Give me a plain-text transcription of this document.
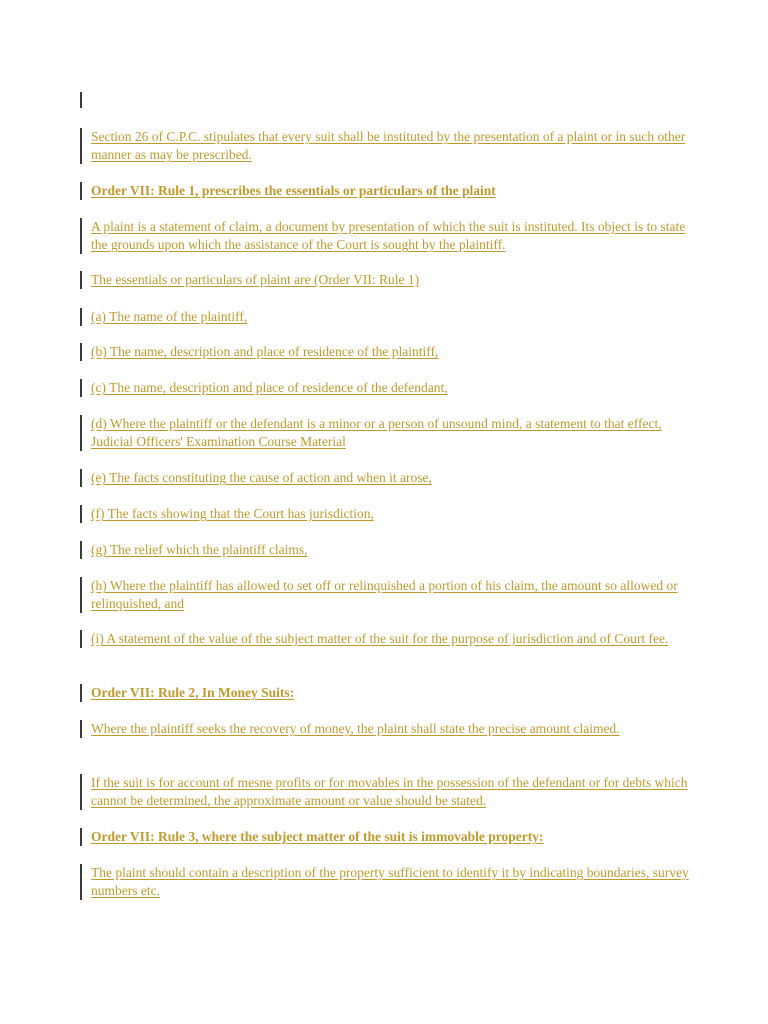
Section 26 of C.P.C. stipulates that every suit shall be instituted by the presentation of a plaint or in such other manner as may be prescribed.
Order VII: Rule 1, prescribes the essentials or particulars of the plaint
A plaint is a statement of claim, a document by presentation of which the suit is instituted. Its object is to state the grounds upon which the assistance of the Court is sought by the plaintiff.
The essentials or particulars of plaint are (Order VII: Rule 1)
(a) The name of the plaintiff,
(b) The name, description and place of residence of the plaintiff,
(c) The name, description and place of residence of the defendant,
(d) Where the plaintiff or the defendant is a minor or a person of unsound mind, a statement to that effect, Judicial Officers' Examination Course Material
(e) The facts constituting the cause of action and when it arose,
(f) The facts showing that the Court has jurisdiction,
(g) The relief which the plaintiff claims,
(h) Where the plaintiff has allowed to set off or relinquished a portion of his claim, the amount so allowed or relinquished, and
(i) A statement of the value of the subject matter of the suit for the purpose of jurisdiction and of Court fee.
Order VII: Rule 2, In Money Suits:
Where the plaintiff seeks the recovery of money, the plaint shall state the precise amount claimed.
If the suit is for account of mesne profits or for movables in the possession of the defendant or for debts which cannot be determined, the approximate amount or value should be stated.
Order VII: Rule 3, where the subject matter of the suit is immovable property:
The plaint should contain a description of the property sufficient to identify it by indicating boundaries, survey numbers etc.
